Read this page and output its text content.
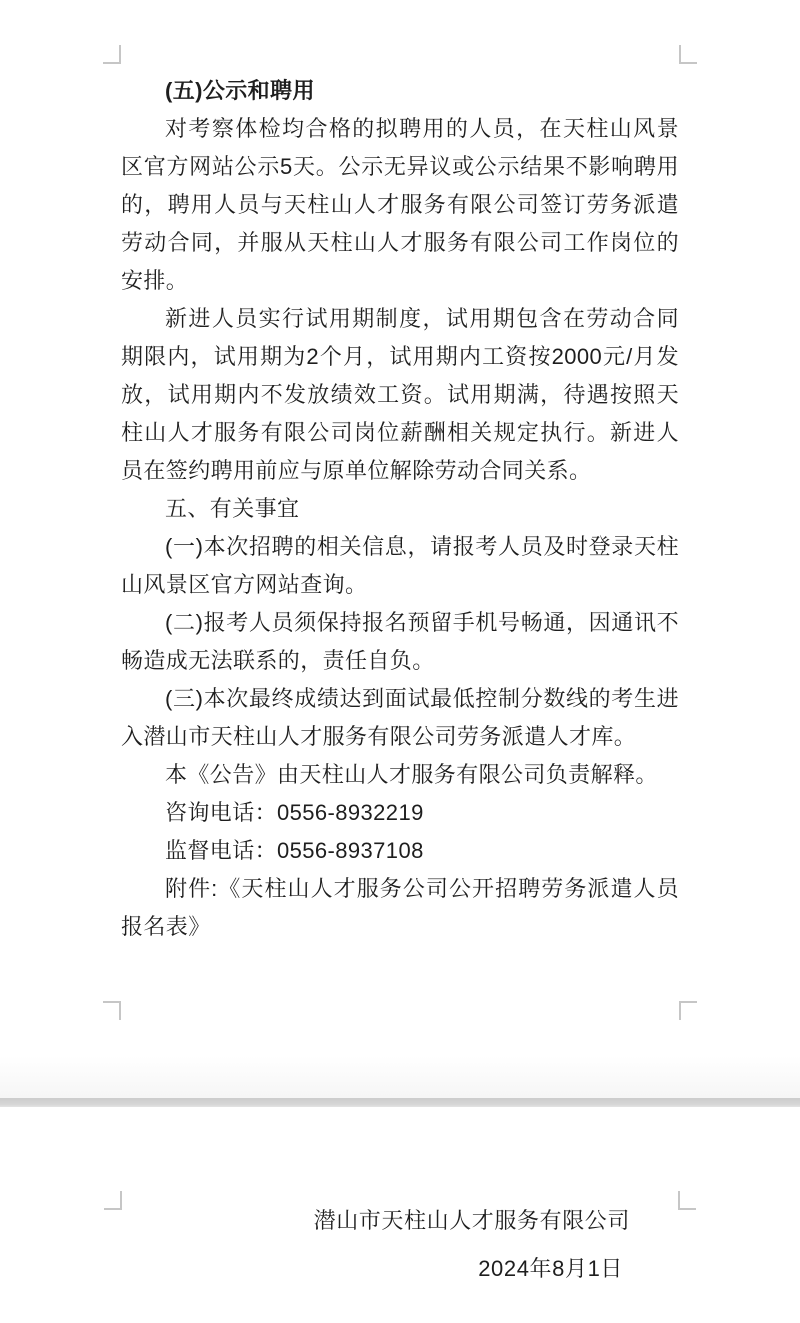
(五)公示和聘用

对考察体检均合格的拟聘用的人员，在天柱山风景区官方网站公示5天。公示无异议或公示结果不影响聘用的，聘用人员与天柱山人才服务有限公司签订劳务派遣劳动合同，并服从天柱山人才服务有限公司工作岗位的安排。

新进人员实行试用期制度，试用期包含在劳动合同期限内，试用期为2个月，试用期内工资按2000元/月发放，试用期内不发放绩效工资。试用期满，待遇按照天柱山人才服务有限公司岗位薪酬相关规定执行。新进人员在签约聘用前应与原单位解除劳动合同关系。

五、有关事宜

(一)本次招聘的相关信息，请报考人员及时登录天柱山风景区官方网站查询。

(二)报考人员须保持报名预留手机号畅通，因通讯不畅造成无法联系的，责任自负。

(三)本次最终成绩达到面试最低控制分数线的考生进入潜山市天柱山人才服务有限公司劳务派遣人才库。

本《公告》由天柱山人才服务有限公司负责解释。

咨询电话：0556-8932219

监督电话：0556-8937108

附件:《天柱山人才服务公司公开招聘劳务派遣人员报名表》

潜山市天柱山人才服务有限公司

2024年8月1日
